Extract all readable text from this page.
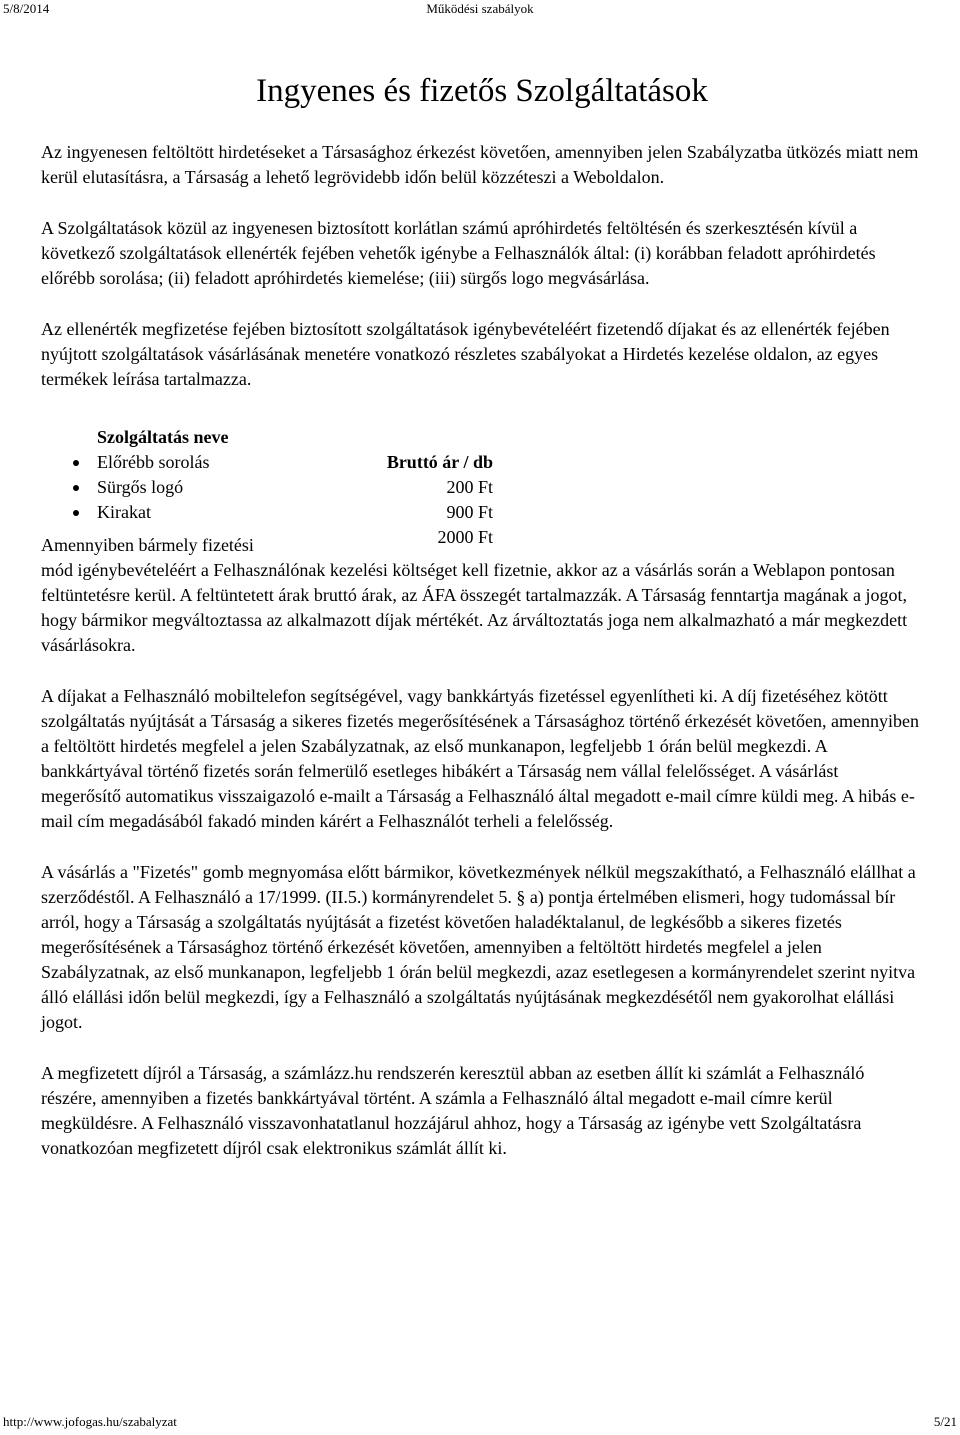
5/8/2014	Működési szabályok
Ingyenes és fizetős Szolgáltatások

Az ingyenesen feltöltött hirdetéseket a Társasághoz érkezést követően, amennyiben jelen Szabályzatba ütközés miatt nem kerül elutasításra, a Társaság a lehető legrövidebb időn belül közzéteszi a Weboldalon.

A Szolgáltatások közül az ingyenesen biztosított korlátlan számú apróhirdetés feltöltésén és szerkesztésén kívül a következő szolgáltatások ellenérték fejében vehetők igénybe a Felhasználók által: (i) korábban feladott apróhirdetés előrébb sorolása; (ii) feladott apróhirdetés kiemelése; (iii) sürgős logo megvásárlása.

Az ellenérték megfizetése fejében biztosított szolgáltatások igénybevételéért fizetendő díjakat és az ellenérték fejében nyújtott szolgáltatások vásárlásának menetére vonatkozó részletes szabályokat a Hirdetés kezelése oldalon, az egyes termékek leírása tartalmazza.

Szolgáltatás neve
Előrébb sorolás
Sürgős logó
Kirakat
Bruttó ár / db
200 Ft
900 Ft
2000 Ft

Amennyiben bármely fizetési
mód igénybevételéért a Felhasználónak kezelési költséget kell fizetnie, akkor az a vásárlás során a Weblapon pontosan feltüntetésre kerül. A feltüntetett árak bruttó árak, az ÁFA összegét tartalmazzák. A Társaság fenntartja magának a jogot, hogy bármikor megváltoztassa az alkalmazott díjak mértékét. Az árváltoztatás joga nem alkalmazható a már megkezdett vásárlásokra.

A díjakat a Felhasználó mobiltelefon segítségével, vagy bankkártyás fizetéssel egyenlítheti ki. A díj fizetéséhez kötött szolgáltatás nyújtását a Társaság a sikeres fizetés megerősítésének a Társasághoz történő érkezését követően, amennyiben a feltöltött hirdetés megfelel a jelen Szabályzatnak, az első munkanapon, legfeljebb 1 órán belül megkezdi. A bankkártyával történő fizetés során felmerülő esetleges hibákért a Társaság nem vállal felelősséget. A vásárlást megerősítő automatikus visszaigazoló e-mailt a Társaság a Felhasználó által megadott e-mail címre küldi meg. A hibás e-mail cím megadásából fakadó minden kárért a Felhasználót terheli a felelősség.

A vásárlás a "Fizetés" gomb megnyomása előtt bármikor, következmények nélkül megszakítható, a Felhasználó elállhat a szerződéstől. A Felhasználó a 17/1999. (II.5.) kormányrendelet 5. § a) pontja értelmében elismeri, hogy tudomással bír arról, hogy a Társaság a szolgáltatás nyújtását a fizetést követően haladéktalanul, de legkésőbb a sikeres fizetés megerősítésének a Társasághoz történő érkezését követően, amennyiben a feltöltött hirdetés megfelel a jelen Szabályzatnak, az első munkanapon, legfeljebb 1 órán belül megkezdi, azaz esetlegesen a kormányrendelet szerint nyitva álló elállási időn belül megkezdi, így a Felhasználó a szolgáltatás nyújtásának megkezdésétől nem gyakorolhat elállási jogot.

A megfizetett díjról a Társaság, a számlázz.hu rendszerén keresztül abban az esetben állít ki számlát a Felhasználó részére, amennyiben a fizetés bankkártyával történt. A számla a Felhasználó által megadott e-mail címre kerül megküldésre. A Felhasználó visszavonhatatlanul hozzájárul ahhoz, hogy a Társaság az igénybe vett Szolgáltatásra vonatkozóan megfizetett díjról csak elektronikus számlát állít ki.

http://www.jofogas.hu/szabalyzat	5/21
